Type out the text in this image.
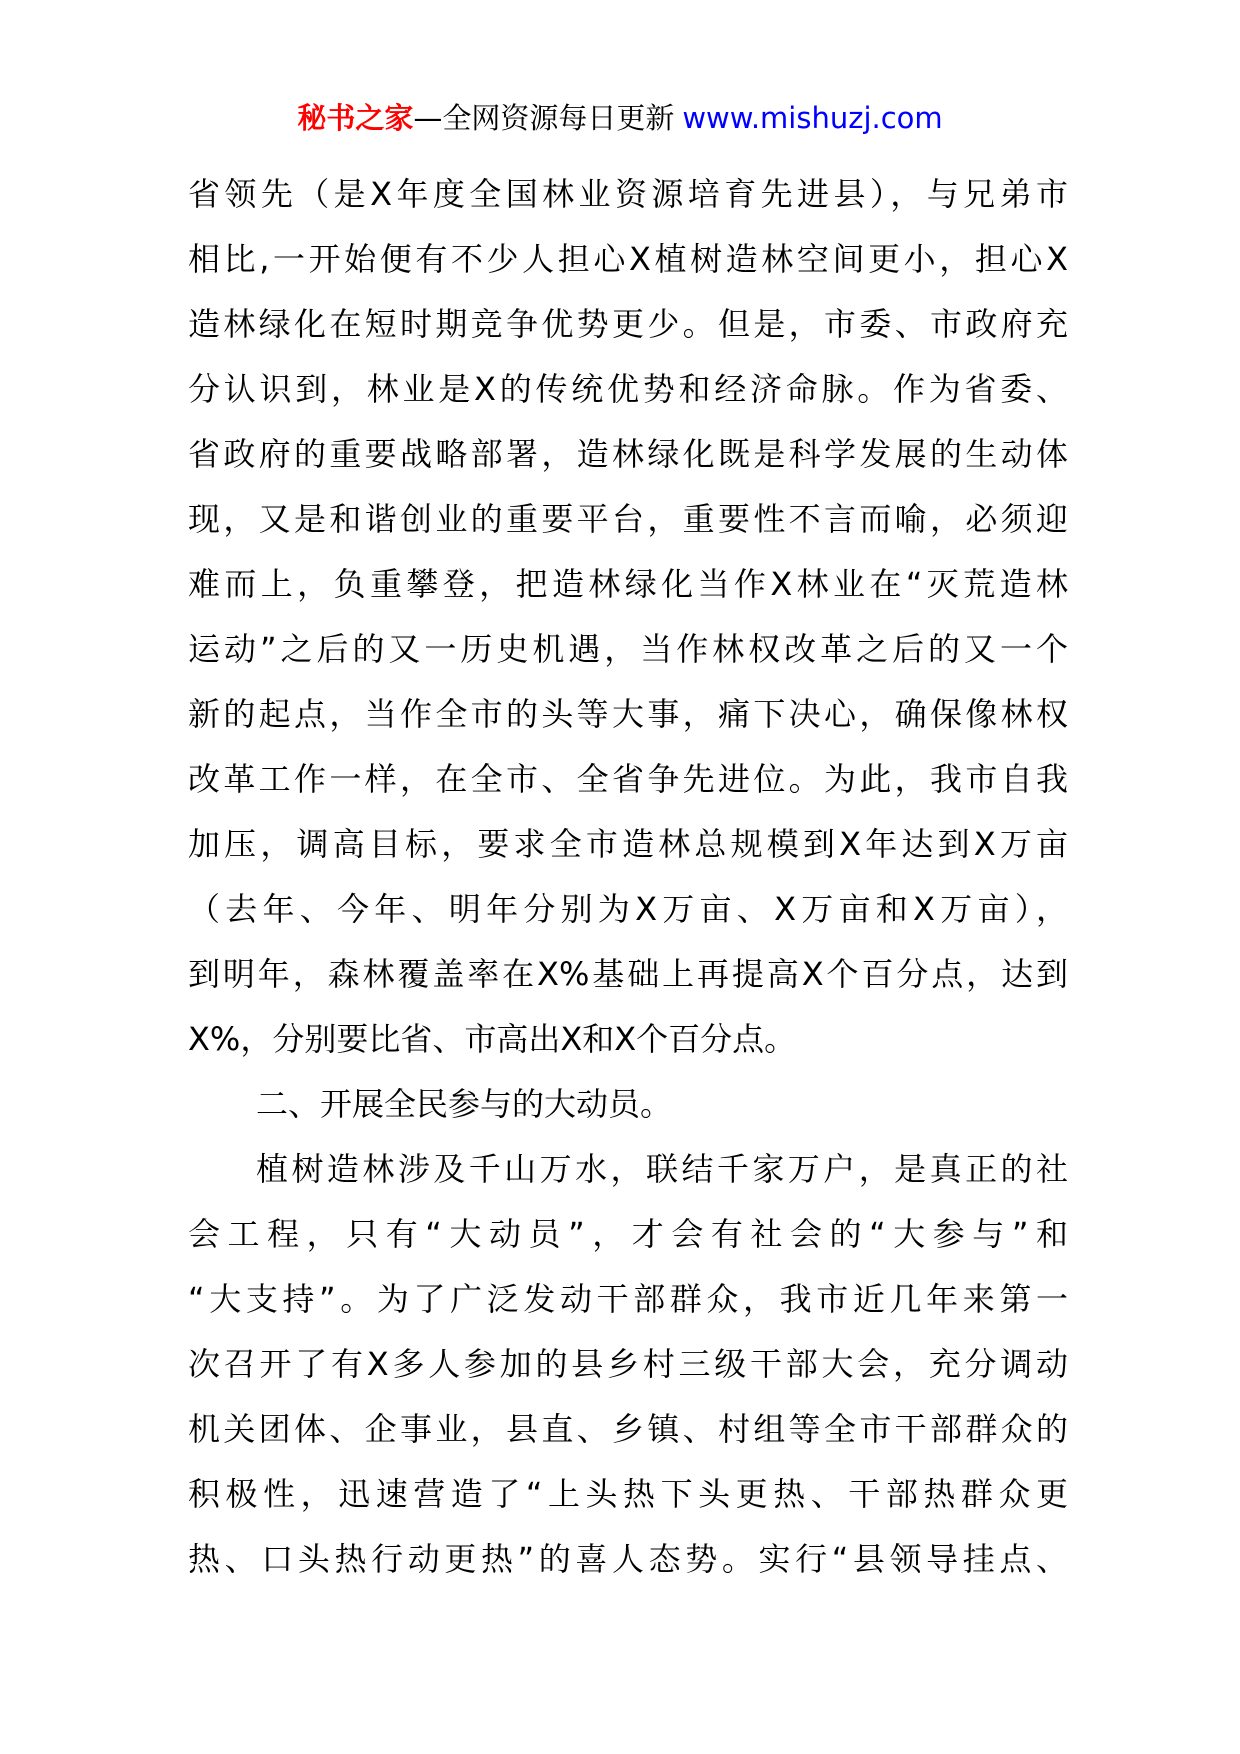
秘书之家—全网资源每日更新 www.mishuzj.com
省领先（是X年度全国林业资源培育先进县），与兄弟市
相比,一开始便有不少人担心X植树造林空间更小，担心X
造林绿化在短时期竞争优势更少。但是，市委、市政府充
分认识到，林业是X的传统优势和经济命脉。作为省委、
省政府的重要战略部署，造林绿化既是科学发展的生动体
现，又是和谐创业的重要平台，重要性不言而喻，必须迎
难而上，负重攀登，把造林绿化当作X林业在“灭荒造林
运动”之后的又一历史机遇，当作林权改革之后的又一个
新的起点，当作全市的头等大事，痛下决心，确保像林权
改革工作一样，在全市、全省争先进位。为此，我市自我
加压，调高目标，要求全市造林总规模到X年达到X万亩
（去年、今年、明年分别为X万亩、X万亩和X万亩），
到明年，森林覆盖率在X%基础上再提高X个百分点，达到
X%，分别要比省、市高出X和X个百分点。
二、开展全民参与的大动员。
植树造林涉及千山万水，联结千家万户，是真正的社
会工程，只有“大动员”，才会有社会的“大参与”和
“大支持”。为了广泛发动干部群众，我市近几年来第一
次召开了有X多人参加的县乡村三级干部大会，充分调动
机关团体、企事业，县直、乡镇、村组等全市干部群众的
积极性，迅速营造了“上头热下头更热、干部热群众更
热、口头热行动更热”的喜人态势。实行“县领导挂点、
